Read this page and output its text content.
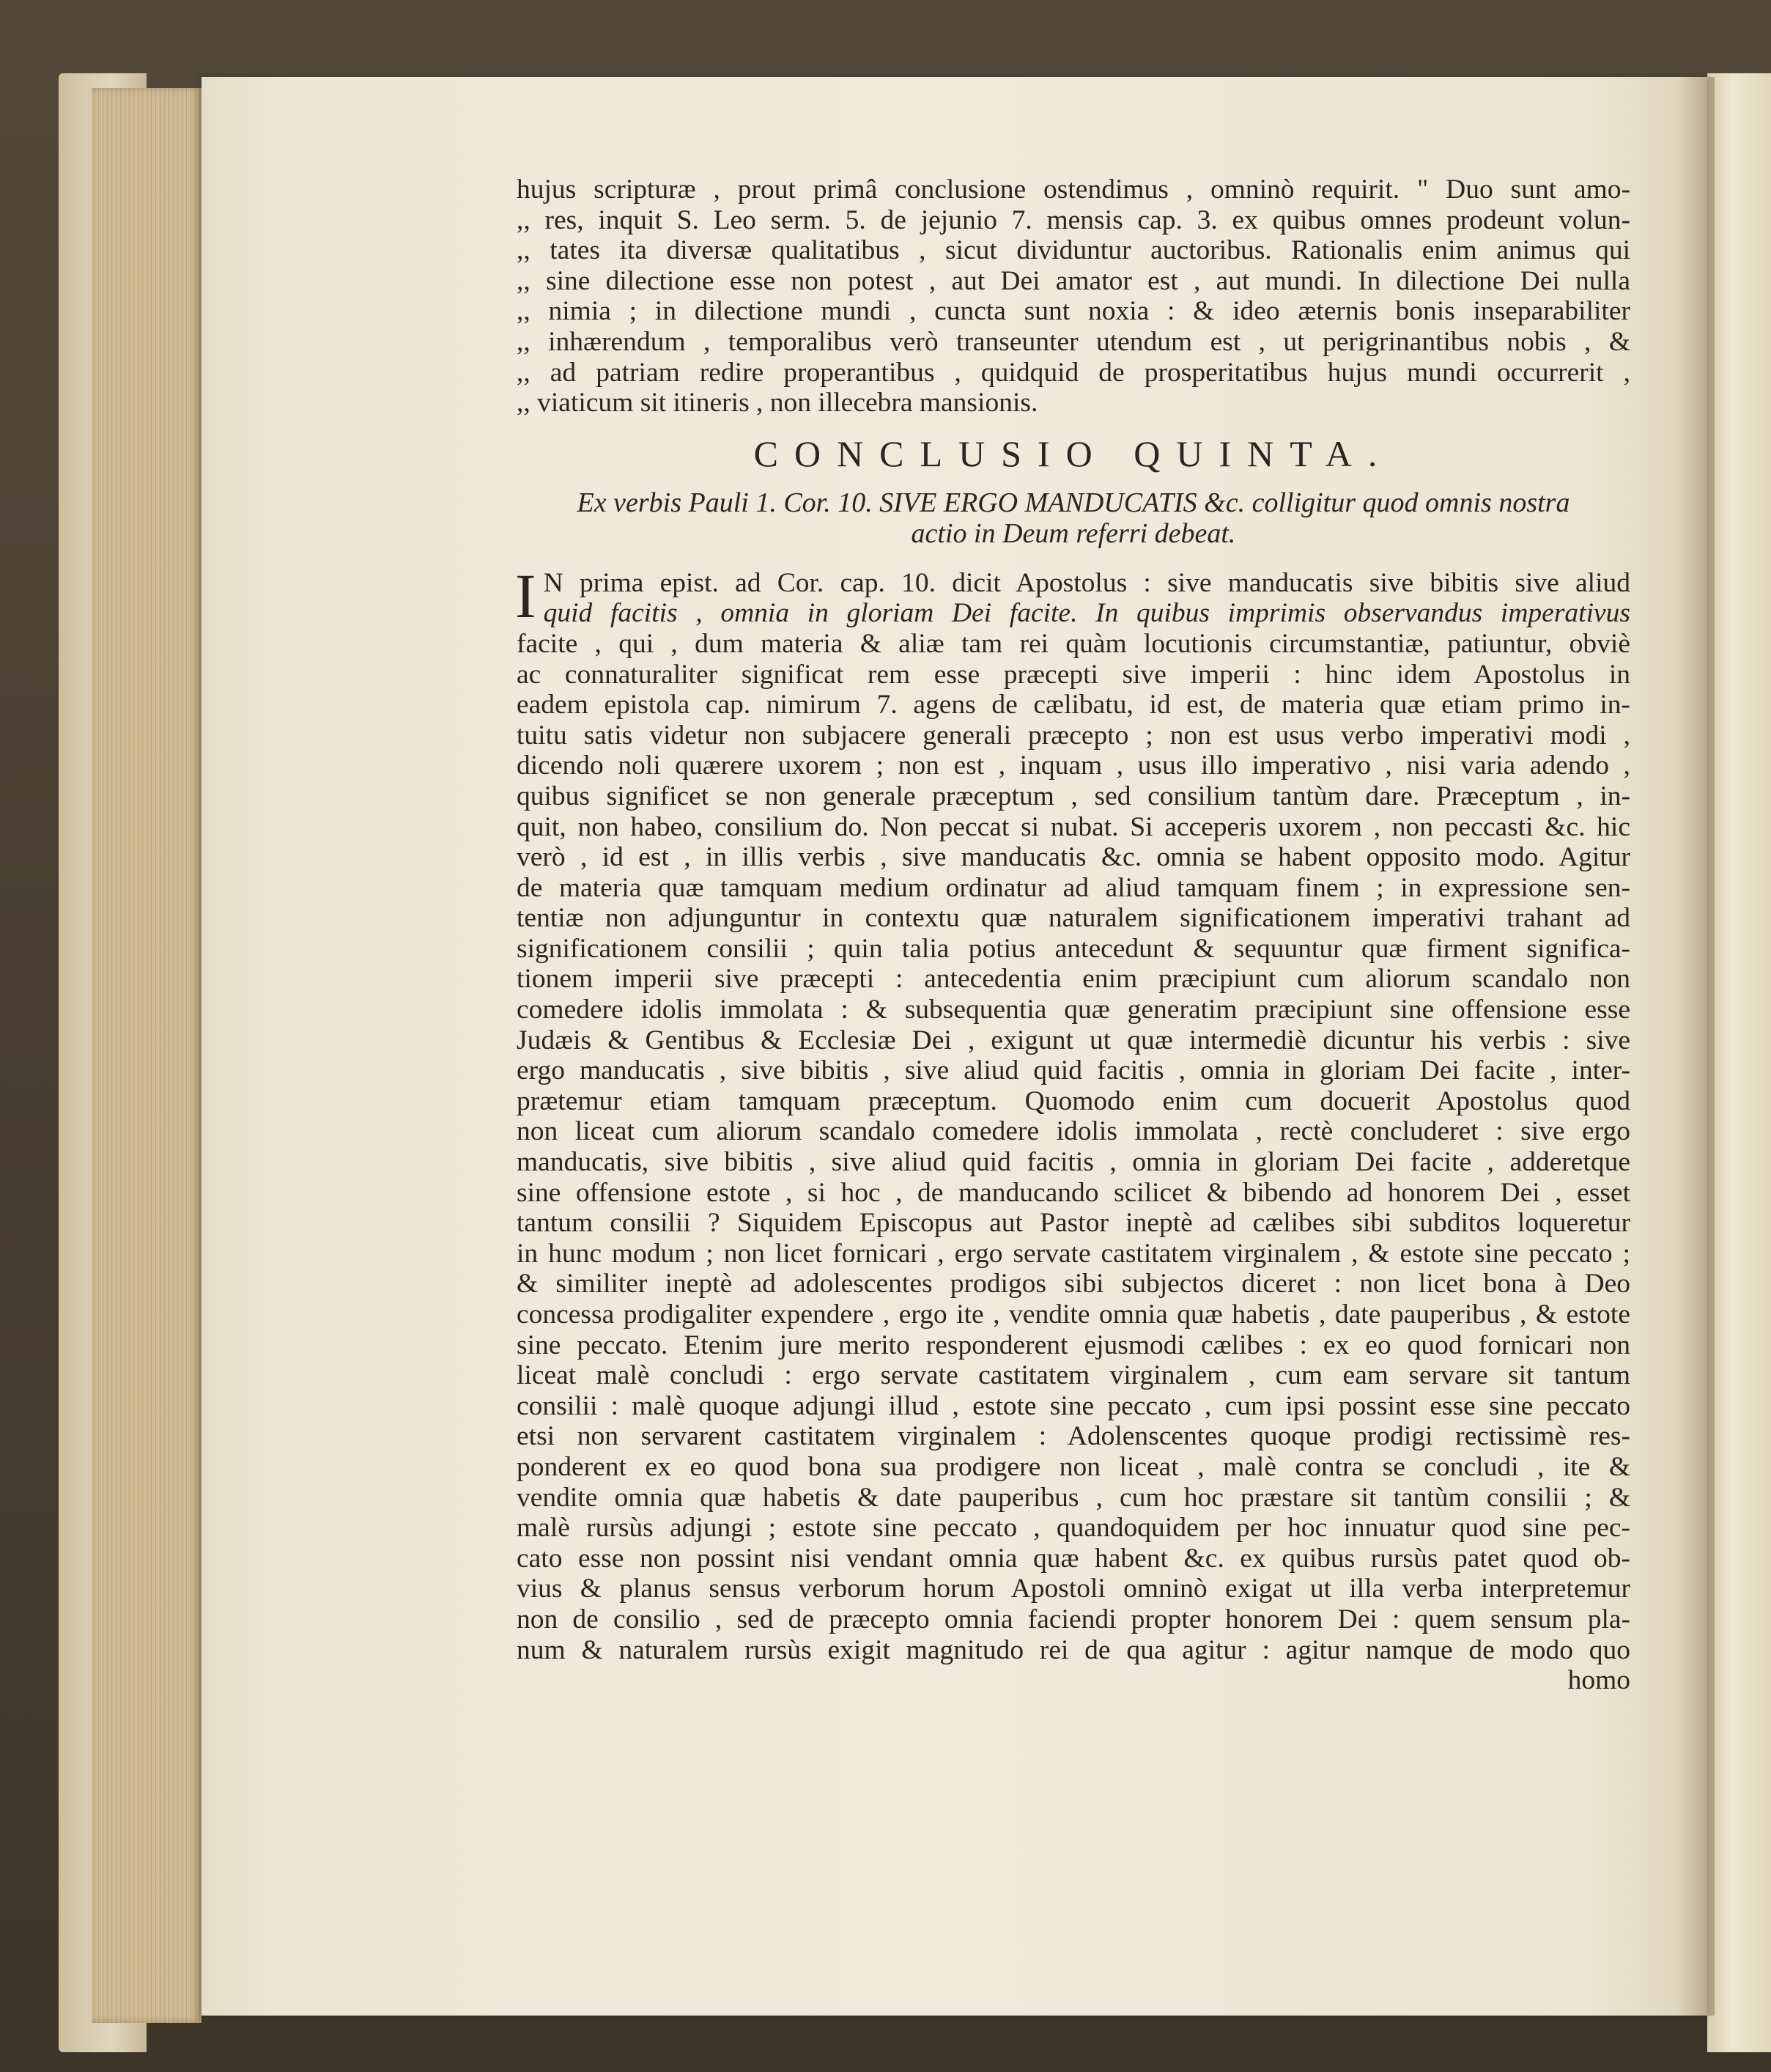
hujus scripturæ , prout primâ conclusione ostendimus , omninò requirit. " Duo sunt amo-
,, res, inquit S. Leo serm. 5. de jejunio 7. mensis cap. 3. ex quibus omnes prodeunt volun-
,, tates ita diversæ qualitatibus , sicut dividuntur auctoribus. Rationalis enim animus qui
,, sine dilectione esse non potest , aut Dei amator est , aut mundi. In dilectione Dei nulla
,, nimia ; in dilectione mundi , cuncta sunt noxia : & ideo æternis bonis inseparabiliter
,, inhærendum , temporalibus verò transeunter utendum est , ut perigrinantibus nobis , &
,, ad patriam redire properantibus , quidquid de prosperitatibus hujus mundi occurrerit ,
,, viaticum sit itineris , non illecebra mansionis.
CONCLUSIO QUINTA.
Ex verbis Pauli 1. Cor. 10. SIVE ERGO MANDUCATIS &c. colligitur quod omnis nostra
actio in Deum referri debeat.
I N prima epist. ad Cor. cap. 10. dicit Apostolus : sive manducatis sive bibitis sive aliud
quid facitis , omnia in gloriam Dei facite. In quibus imprimis observandus imperativus
facite , qui , dum materia & aliæ tam rei quàm locutionis circumstantiæ, patiuntur, obviè
ac connaturaliter significat rem esse præcepti sive imperii : hinc idem Apostolus in
eadem epistola cap. nimirum 7. agens de cælibatu, id est, de materia quæ etiam primo in-
tuitu satis videtur non subjacere generali præcepto ; non est usus verbo imperativi modi ,
dicendo noli quærere uxorem ; non est , inquam , usus illo imperativo , nisi varia adendo ,
quibus significet se non generale præceptum , sed consilium tantùm dare. Præceptum , in-
quit, non habeo, consilium do. Non peccat si nubat. Si acceperis uxorem , non peccasti &c. hic
verò , id est , in illis verbis , sive manducatis &c. omnia se habent opposito modo. Agitur
de materia quæ tamquam medium ordinatur ad aliud tamquam finem ; in expressione sen-
tentiæ non adjunguntur in contextu quæ naturalem significationem imperativi trahant ad
significationem consilii ; quin talia potius antecedunt & sequuntur quæ firment significa-
tionem imperii sive præcepti : antecedentia enim præcipiunt cum aliorum scandalo non
comedere idolis immolata : & subsequentia quæ generatim præcipiunt sine offensione esse
Judæis & Gentibus & Ecclesiæ Dei , exigunt ut quæ intermediè dicuntur his verbis : sive
ergo manducatis , sive bibitis , sive aliud quid facitis , omnia in gloriam Dei facite , inter-
prætemur etiam tamquam præceptum. Quomodo enim cum docuerit Apostolus quod
non liceat cum aliorum scandalo comedere idolis immolata , rectè concluderet : sive ergo
manducatis, sive bibitis , sive aliud quid facitis , omnia in gloriam Dei facite , adderetque
sine offensione estote , si hoc , de manducando scilicet & bibendo ad honorem Dei , esset
tantum consilii ? Siquidem Episcopus aut Pastor ineptè ad cælibes sibi subditos loqueretur
in hunc modum ; non licet fornicari , ergo servate castitatem virginalem , & estote sine peccato ;
& similiter ineptè ad adolescentes prodigos sibi subjectos diceret : non licet bona à Deo
concessa prodigaliter expendere , ergo ite , vendite omnia quæ habetis , date pauperibus , & estote
sine peccato. Etenim jure merito responderent ejusmodi cælibes : ex eo quod fornicari non
liceat malè concludi : ergo servate castitatem virginalem , cum eam servare sit tantum
consilii : malè quoque adjungi illud , estote sine peccato , cum ipsi possint esse sine peccato
etsi non servarent castitatem virginalem : Adolenscentes quoque prodigi rectissimè res-
ponderent ex eo quod bona sua prodigere non liceat , malè contra se concludi , ite &
vendite omnia quæ habetis & date pauperibus , cum hoc præstare sit tantùm consilii ; &
malè rursùs adjungi ; estote sine peccato , quandoquidem per hoc innuatur quod sine pec-
cato esse non possint nisi vendant omnia quæ habent &c. ex quibus rursùs patet quod ob-
vius & planus sensus verborum horum Apostoli omninò exigat ut illa verba interpretemur
non de consilio , sed de præcepto omnia faciendi propter honorem Dei : quem sensum pla-
num & naturalem rursùs exigit magnitudo rei de qua agitur : agitur namque de modo quo
homo
